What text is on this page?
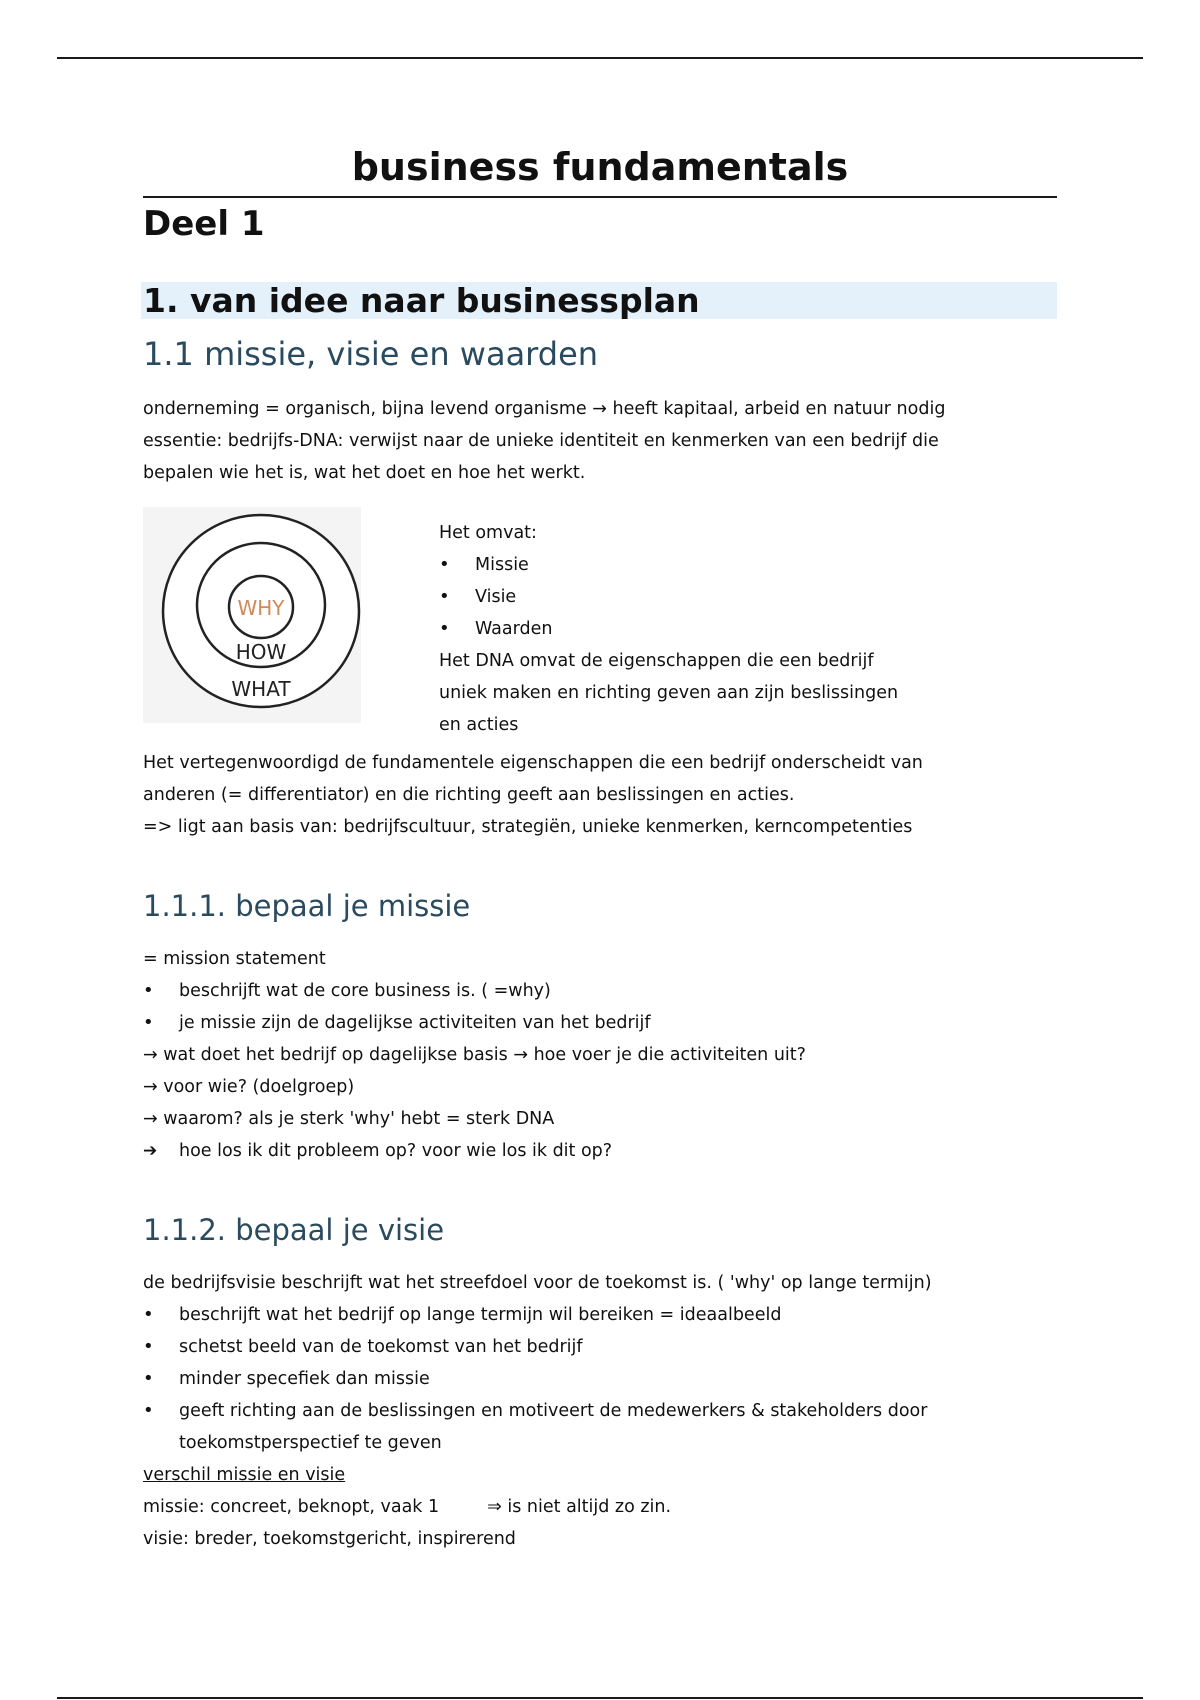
business fundamentals
Deel 1
1. van idee naar businessplan
1.1 missie, visie en waarden

onderneming = organisch, bijna levend organisme → heeft kapitaal, arbeid en natuur nodig

essentie: bedrijfs-DNA: verwijst naar de unieke identiteit en kenmerken van een bedrijf die

bepalen wie het is, wat het doet en hoe het werkt.

WHY
HOW
WHAT

Het omvat:

• Missie
• Visie
• Waarden

Het DNA omvat de eigenschappen die een bedrijf

uniek maken en richting geven aan zijn beslissingen

en acties

Het vertegenwoordigd de fundamentele eigenschappen die een bedrijf onderscheidt van

anderen (= differentiator) en die richting geeft aan beslissingen en acties.

=> ligt aan basis van: bedrijfscultuur, strategiën, unieke kenmerken, kerncompetenties

1.1.1. bepaal je missie

= mission statement

• beschrijft wat de core business is. ( =why)
• je missie zijn de dagelijkse activiteiten van het bedrijf

→ wat doet het bedrijf op dagelijkse basis → hoe voer je die activiteiten uit?

→ voor wie? (doelgroep)

→ waarom? als je sterk 'why' hebt = sterk DNA

➔ hoe los ik dit probleem op? voor wie los ik dit op?
1.1.2. bepaal je visie

de bedrijfsvisie beschrijft wat het streefdoel voor de toekomst is. ( 'why' op lange termijn)

• beschrijft wat het bedrijf op lange termijn wil bereiken = ideaalbeeld
• schetst beeld van de toekomst van het bedrijf
• minder specefiek dan missie
• geeft richting aan de beslissingen en motiveert de medewerkers & stakeholders door toekomstperspectief te geven

verschil missie en visie

missie: concreet, beknopt, vaak 1	⇒ is niet altijd zo zin.

visie: breder, toekomstgericht, inspirerend
